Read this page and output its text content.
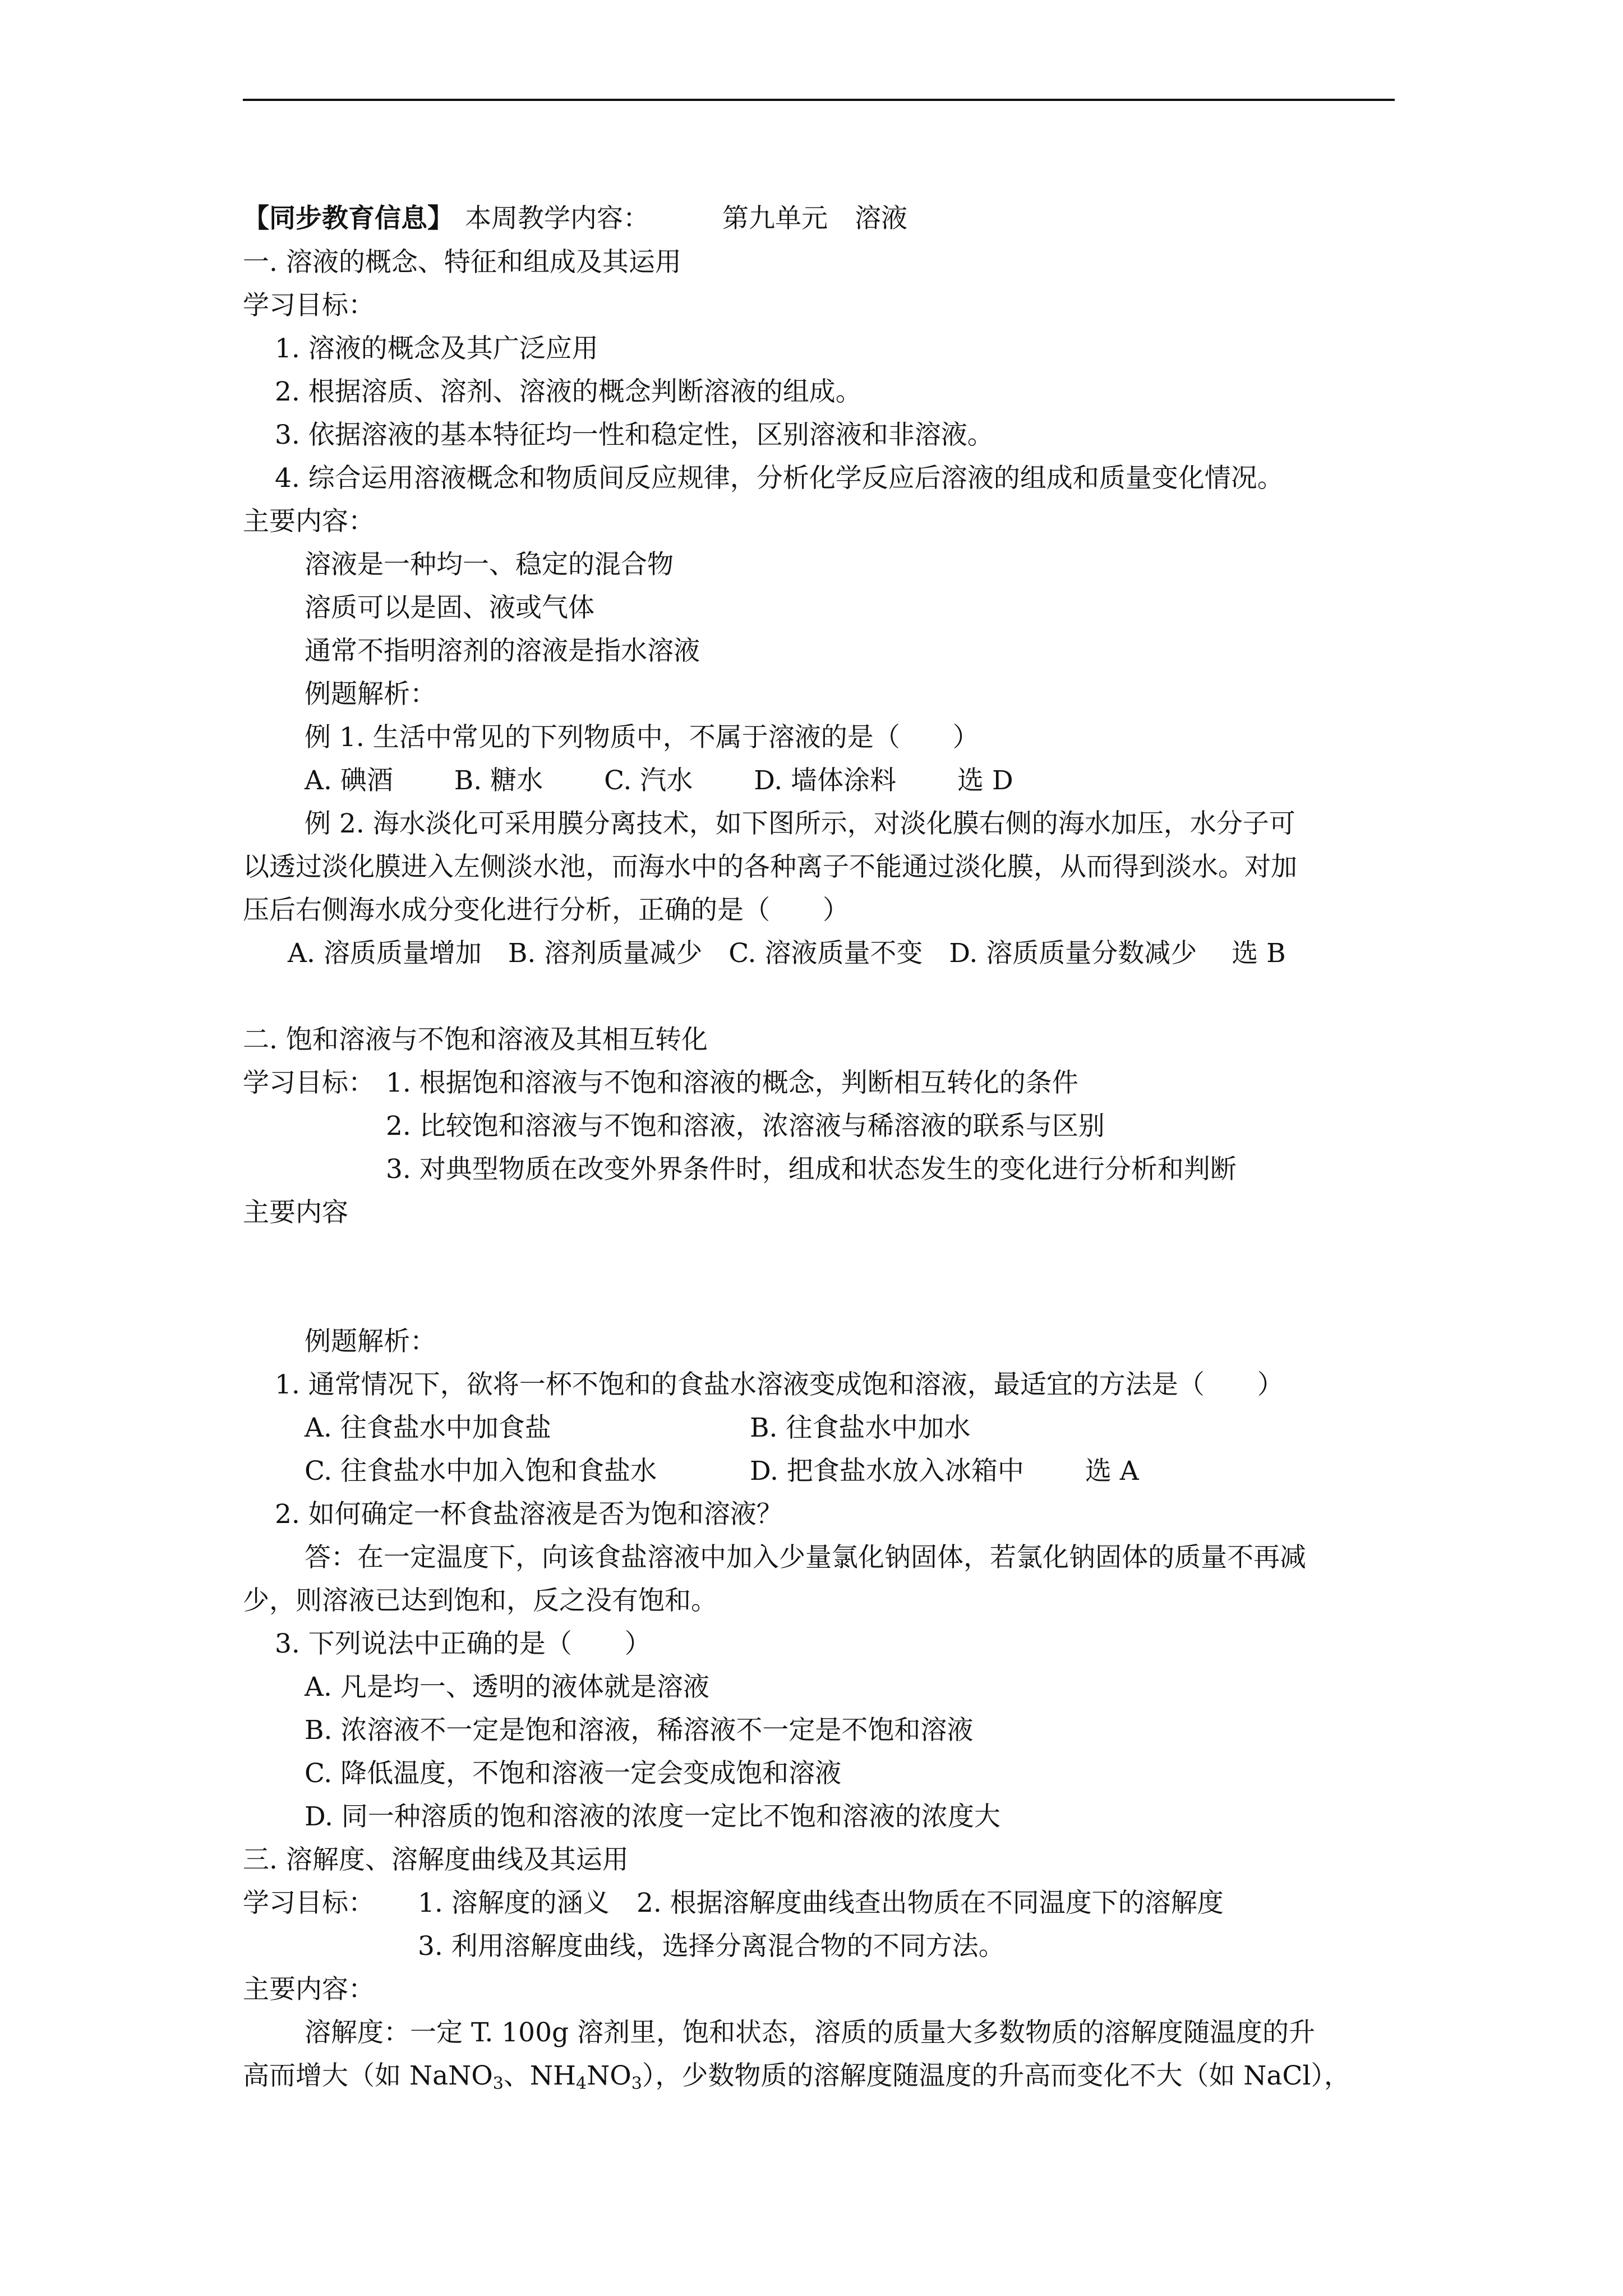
【同步教育信息】 本周教学内容：	第九单元 溶液
一. 溶液的概念、特征和组成及其运用
学习目标：
1. 溶液的概念及其广泛应用
2. 根据溶质、溶剂、溶液的概念判断溶液的组成。
3. 依据溶液的基本特征均一性和稳定性，区别溶液和非溶液。
4. 综合运用溶液概念和物质间反应规律，分析化学反应后溶液的组成和质量变化情况。
主要内容：
溶液是一种均一、稳定的混合物
溶质可以是固、液或气体
通常不指明溶剂的溶液是指水溶液
例题解析：
例 1. 生活中常见的下列物质中，不属于溶液的是（　　）
A. 碘酒　　 B. 糖水　　 C. 汽水　　 D. 墙体涂料　　 选 D
例 2. 海水淡化可采用膜分离技术，如下图所示，对淡化膜右侧的海水加压，水分子可
以透过淡化膜进入左侧淡水池，而海水中的各种离子不能通过淡化膜，从而得到淡水。对加
压后右侧海水成分变化进行分析，正确的是（　　）
A. 溶质质量增加　B. 溶剂质量减少　C. 溶液质量不变　D. 溶质质量分数减少　 选 B
二. 饱和溶液与不饱和溶液及其相互转化
学习目标： 1. 根据饱和溶液与不饱和溶液的概念，判断相互转化的条件
2. 比较饱和溶液与不饱和溶液，浓溶液与稀溶液的联系与区别
3. 对典型物质在改变外界条件时，组成和状态发生的变化进行分析和判断
主要内容
例题解析：
1. 通常情况下，欲将一杯不饱和的食盐水溶液变成饱和溶液，最适宜的方法是（　　）
A. 往食盐水中加食盐	B. 往食盐水中加水
C. 往食盐水中加入饱和食盐水	D. 把食盐水放入冰箱中　　 选 A
2. 如何确定一杯食盐溶液是否为饱和溶液？
答：在一定温度下，向该食盐溶液中加入少量氯化钠固体，若氯化钠固体的质量不再减
少，则溶液已达到饱和，反之没有饱和。
3. 下列说法中正确的是（　　）
A. 凡是均一、透明的液体就是溶液
B. 浓溶液不一定是饱和溶液，稀溶液不一定是不饱和溶液
C. 降低温度，不饱和溶液一定会变成饱和溶液
D. 同一种溶质的饱和溶液的浓度一定比不饱和溶液的浓度大
三. 溶解度、溶解度曲线及其运用
学习目标： 1. 溶解度的涵义 2. 根据溶解度曲线查出物质在不同温度下的溶解度
3. 利用溶解度曲线，选择分离混合物的不同方法。
主要内容：
溶解度：一定 T. 100g 溶剂里，饱和状态，溶质的质量大多数物质的溶解度随温度的升
高而增大（如 NaNO$_3$、$NH_4NO_3$），少数物质的溶解度随温度的升高而变化不大（如 NaCl），
